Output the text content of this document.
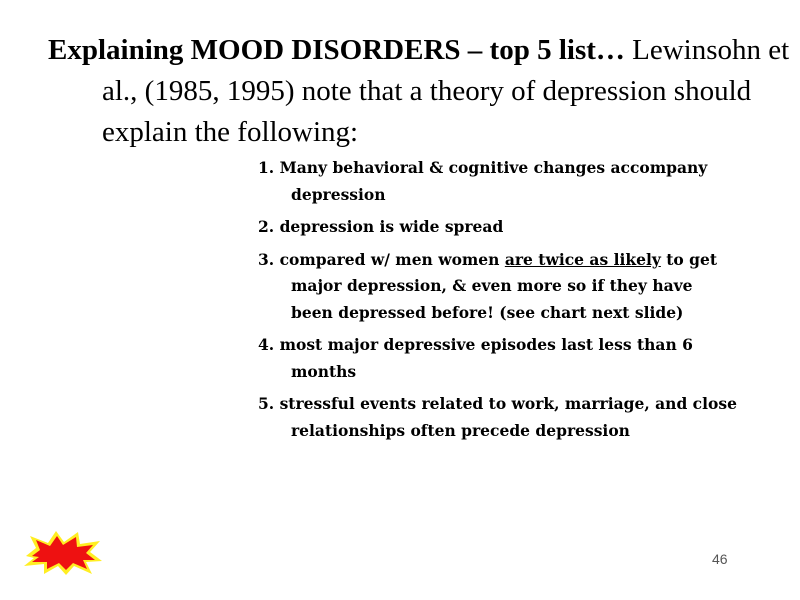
Explaining MOOD DISORDERS – top 5 list… Lewinsohn et al., (1985, 1995) note that a theory of depression should explain the following:
1. Many behavioral & cognitive changes accompany depression
2. depression is wide spread
3. compared w/ men women are twice as likely to get major depression, & even more so if they have been depressed before! (see chart next slide)
4. most major depressive episodes last less than 6 months
5. stressful events related to work, marriage, and close relationships often precede depression
46
